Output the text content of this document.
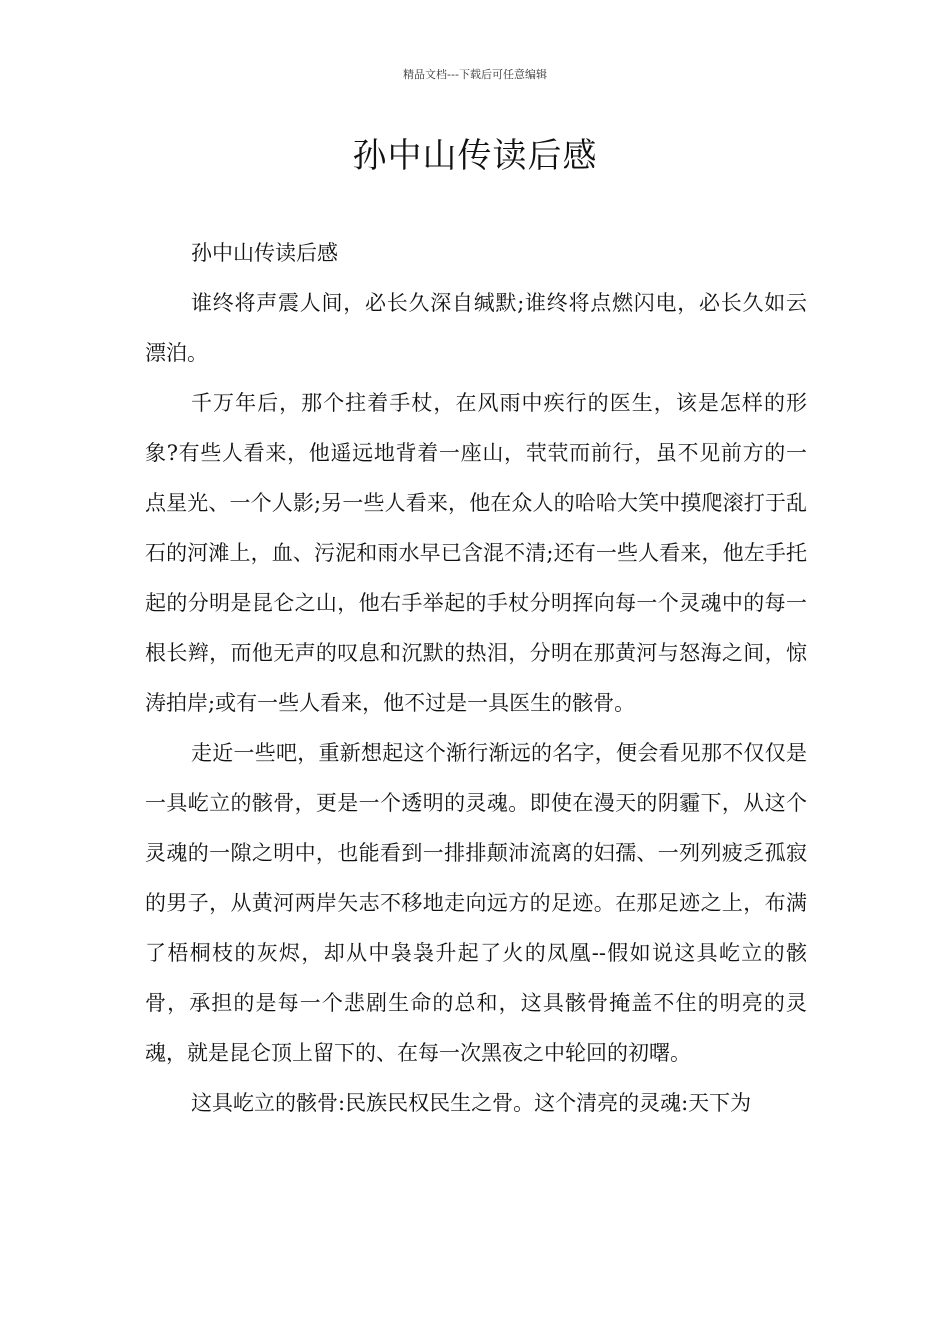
精品文档---下载后可任意编辑
孙中山传读后感

孙中山传读后感

谁终将声震人间，必长久深自缄默;谁终将点燃闪电，必长久如云漂泊。

千万年后，那个拄着手杖，在风雨中疾行的医生，该是怎样的形象?有些人看来，他遥远地背着一座山，茕茕而前行，虽不见前方的一点星光、一个人影;另一些人看来，他在众人的哈哈大笑中摸爬滚打于乱石的河滩上，血、污泥和雨水早已含混不清;还有一些人看来，他左手托起的分明是昆仑之山，他右手举起的手杖分明挥向每一个灵魂中的每一根长辫，而他无声的叹息和沉默的热泪，分明在那黄河与怒海之间，惊涛拍岸;或有一些人看来，他不过是一具医生的骸骨。

走近一些吧，重新想起这个渐行渐远的名字，便会看见那不仅仅是一具屹立的骸骨，更是一个透明的灵魂。即使在漫天的阴霾下，从这个灵魂的一隙之明中，也能看到一排排颠沛流离的妇孺、一列列疲乏孤寂的男子，从黄河两岸矢志不移地走向远方的足迹。在那足迹之上，布满了梧桐枝的灰烬，却从中袅袅升起了火的凤凰--假如说这具屹立的骸骨，承担的是每一个悲剧生命的总和，这具骸骨掩盖不住的明亮的灵魂，就是昆仑顶上留下的、在每一次黑夜之中轮回的初曙。

这具屹立的骸骨:民族民权民生之骨。这个清亮的灵魂:天下为
